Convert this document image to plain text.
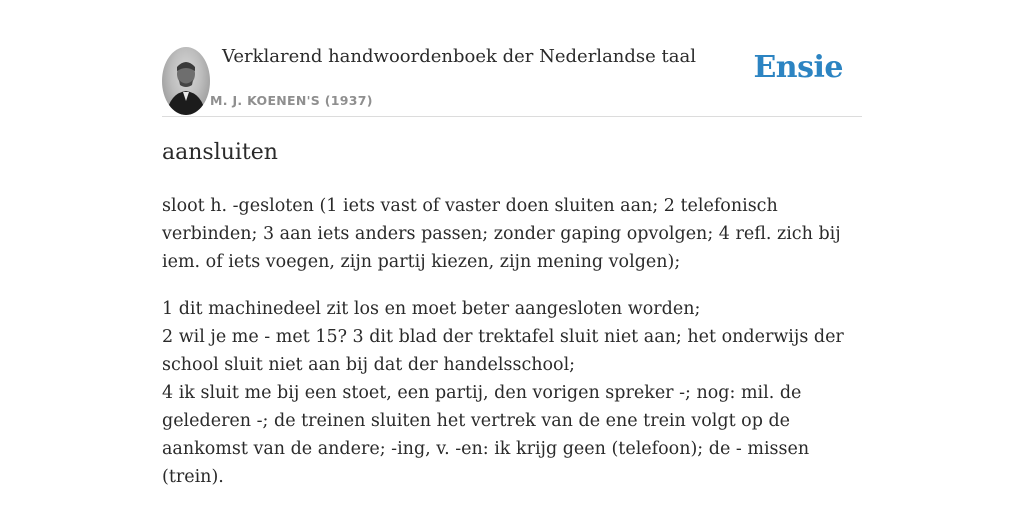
Verklarend handwoordenboek der Nederlandse taal
M. J. KOENEN'S (1937)
Ensie
aansluiten

sloot h. -gesloten (1 iets vast of vaster doen sluiten aan; 2 telefonisch verbinden; 3 aan iets anders passen; zonder gaping opvolgen; 4 refl. zich bij iem. of iets voegen, zijn partij kiezen, zijn mening volgen);

1 dit machinedeel zit los en moet beter aangesloten worden;
2 wil je me - met 15? 3 dit blad der trektafel sluit niet aan; het onderwijs der school sluit niet aan bij dat der handelsschool;
4 ik sluit me bij een stoet, een partij, den vorigen spreker -; nog: mil. de gelederen -; de treinen sluiten het vertrek van de ene trein volgt op de aankomst van de andere; -ing, v. -en: ik krijg geen (telefoon); de - missen (trein).
